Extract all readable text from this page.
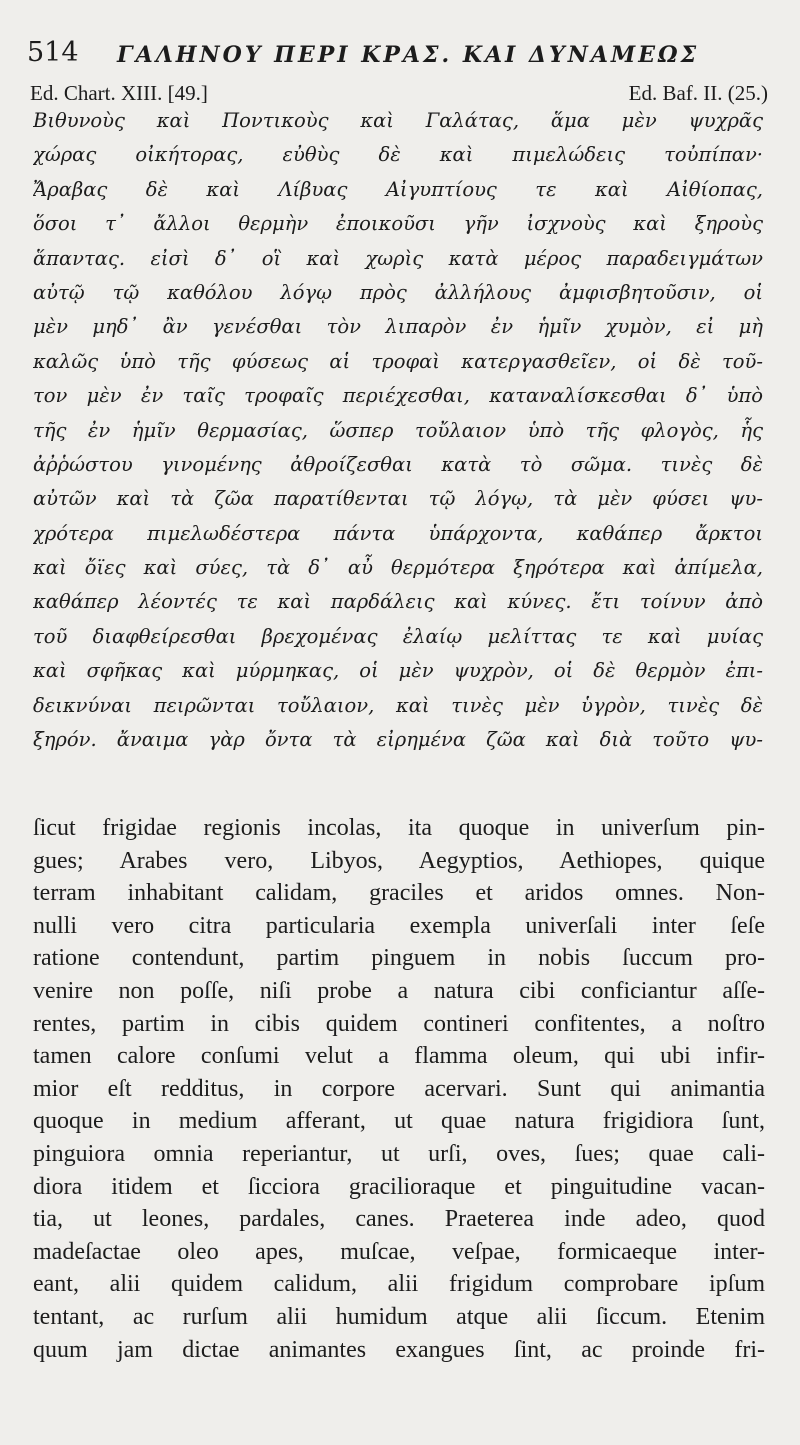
514	ΓΑΛΗΝΟΥ ΠΕΡΙ ΚΡΑΣ. ΚΑΙ ΔΥΝΑΜΕΩΣ
Ed. Chart. XIII. [49.]	Ed. Baf. II. (25.)
Βιθυνοὺς καὶ Ποντικοὺς καὶ Γαλάτας, ἅμα μὲν ψυχρᾶς
χώρας οἰκήτορας, εὐθὺς δὲ καὶ πιμελώδεις τοὐπίπαν·
Ἄραβας δὲ καὶ Λίβυας Αἰγυπτίους τε καὶ Αἰθίοπας,
ὅσοι τ᾽ ἄλλοι θερμὴν ἐποικοῦσι γῆν ἰσχνοὺς καὶ ξηροὺς
ἅπαντας. εἰσὶ δ᾽ οἳ καὶ χωρὶς κατὰ μέρος παραδειγμάτων
αὐτῷ τῷ καθόλου λόγῳ πρὸς ἀλλήλους ἀμφισβητοῦσιν, οἱ
μὲν μηδ᾽ ἂν γενέσθαι τὸν λιπαρὸν ἐν ἡμῖν χυμὸν, εἰ μὴ
καλῶς ὑπὸ τῆς φύσεως αἱ τροφαὶ κατεργασθεῖεν, οἱ δὲ τοῦ-
τον μὲν ἐν ταῖς τροφαῖς περιέχεσθαι, καταναλίσκεσθαι δ᾽ ὑπὸ
τῆς ἐν ἡμῖν θερμασίας, ὥσπερ τοὔλαιον ὑπὸ τῆς φλογὸς, ἧς
ἀῤῥώστου γινομένης ἀθροίζεσθαι κατὰ τὸ σῶμα. τινὲς δὲ
αὐτῶν καὶ τὰ ζῶα παρατίθενται τῷ λόγῳ, τὰ μὲν φύσει ψυ-
χρότερα πιμελωδέστερα πάντα ὑπάρχοντα, καθάπερ ἄρκτοι
καὶ ὄϊες καὶ σύες, τὰ δ᾽ αὖ θερμότερα ξηρότερα καὶ ἀπίμελα,
καθάπερ λέοντές τε καὶ παρδάλεις καὶ κύνες. ἔτι τοίνυν ἀπὸ
τοῦ διαφθείρεσθαι βρεχομένας ἐλαίῳ μελίττας τε καὶ μυίας
καὶ σφῆκας καὶ μύρμηκας, οἱ μὲν ψυχρὸν, οἱ δὲ θερμὸν ἐπι-
δεικνύναι πειρῶνται τοὔλαιον, καὶ τινὲς μὲν ὑγρὸν, τινὲς δὲ
ξηρόν. ἄναιμα γὰρ ὄντα τὰ εἰρημένα ζῶα καὶ διὰ τοῦτο ψυ-
ſicut frigidae regionis incolas, ita quoque in univerſum pin-
gues; Arabes vero, Libyos, Aegyptios, Aethiopes, quique
terram inhabitant calidam, graciles et aridos omnes. Non-
nulli vero citra particularia exempla univerſali inter ſeſe
ratione contendunt, partim pinguem in nobis ſuccum pro-
venire non poſſe, niſi probe a natura cibi conficiantur aſſe-
rentes, partim in cibis quidem contineri confitentes, a noſtro
tamen calore conſumi velut a flamma oleum, qui ubi infir-
mior eſt redditus, in corpore acervari. Sunt qui animantia
quoque in medium afferant, ut quae natura frigidiora ſunt,
pinguiora omnia reperiantur, ut urſi, oves, ſues; quae cali-
diora itidem et ſicciora gracilioraque et pinguitudine vacan-
tia, ut leones, pardales, canes. Praeterea inde adeo, quod
madeſactae oleo apes, muſcae, veſpae, formicaeque inter-
eant, alii quidem calidum, alii frigidum comprobare ipſum
tentant, ac rurſum alii humidum atque alii ſiccum. Etenim
quum jam dictae animantes exangues ſint, ac proinde fri-
